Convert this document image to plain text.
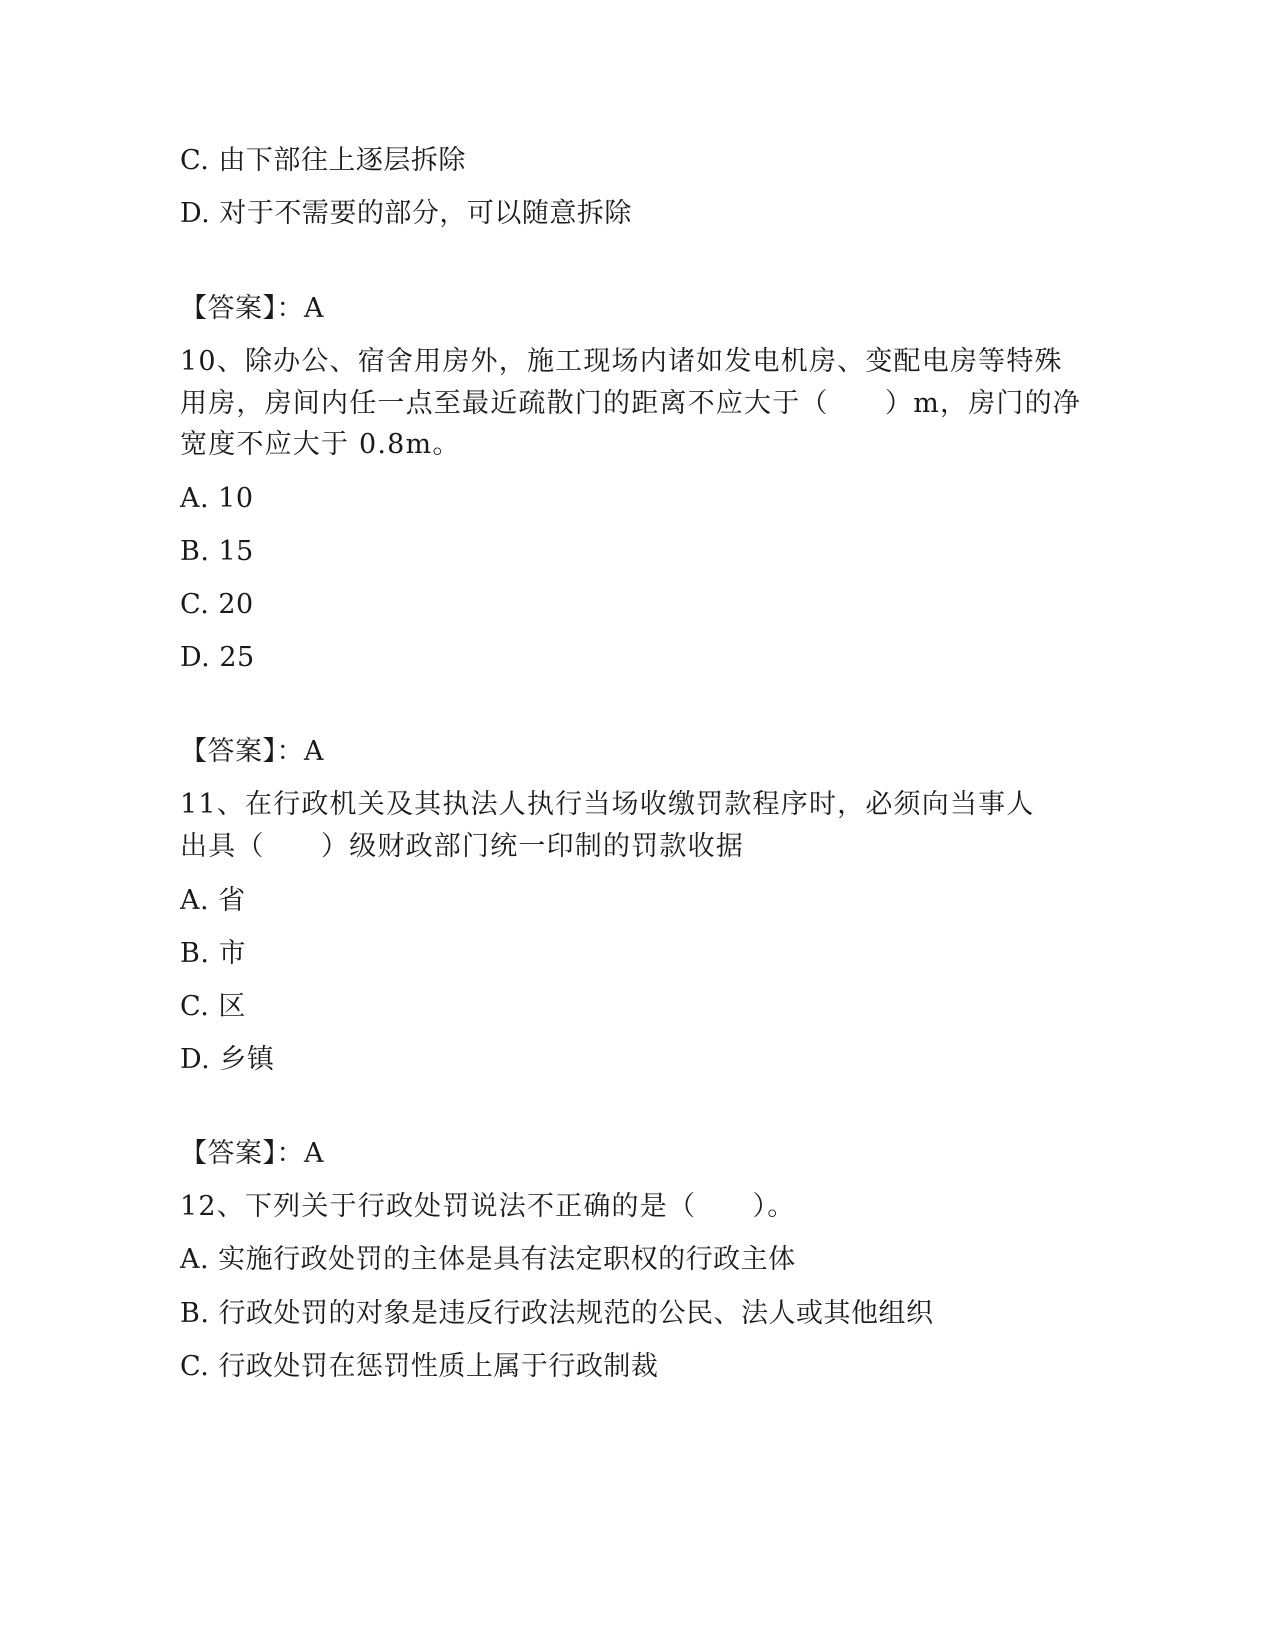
C. 由下部往上逐层拆除
D. 对于不需要的部分，可以随意拆除
【答案】：A
10、除办公、宿舍用房外，施工现场内诸如发电机房、变配电房等特殊
用房，房间内任一点至最近疏散门的距离不应大于（　　）m，房门的净
宽度不应大于 0.8m。
A. 10
B. 15
C. 20
D. 25
【答案】：A
11、在行政机关及其执法人执行当场收缴罚款程序时，必须向当事人
出具（　　）级财政部门统一印制的罚款收据
A. 省
B. 市
C. 区
D. 乡镇
【答案】：A
12、下列关于行政处罚说法不正确的是（　　）。
A. 实施行政处罚的主体是具有法定职权的行政主体
B. 行政处罚的对象是违反行政法规范的公民、法人或其他组织
C. 行政处罚在惩罚性质上属于行政制裁
